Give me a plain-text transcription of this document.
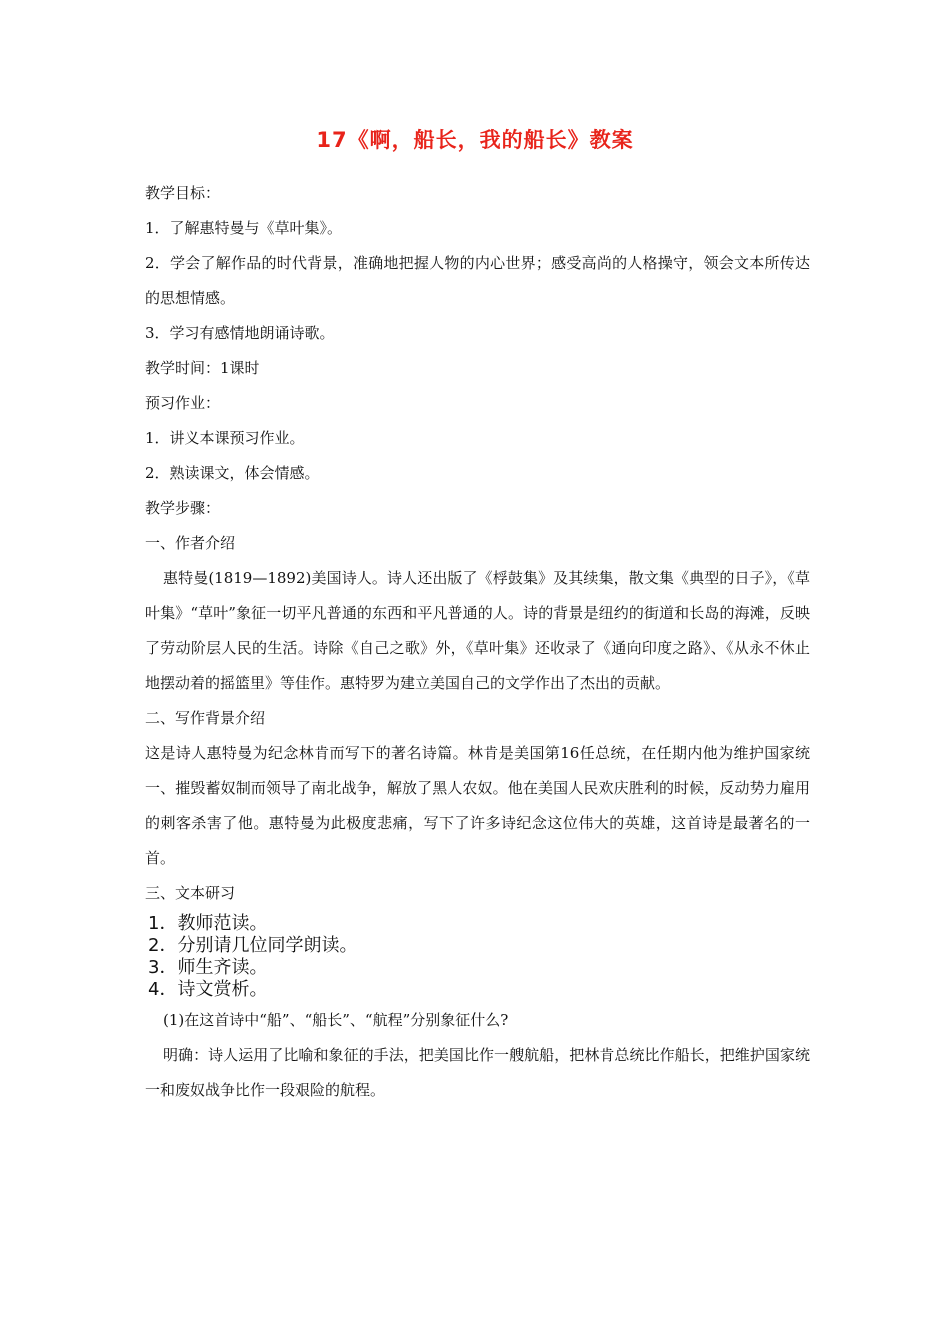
17《啊，船长，我的船长》教案
教学目标：
1．了解惠特曼与《草叶集》。
2．学会了解作品的时代背景，准确地把握人物的内心世界；感受高尚的人格操守，领会文本所传达的思想情感。
3．学习有感情地朗诵诗歌。
教学时间：1课时
预习作业：
1．讲义本课预习作业。
2．熟读课文，体会情感。
教学步骤：
一、作者介绍
惠特曼(1819—1892)美国诗人。诗人还出版了《桴鼓集》及其续集，散文集《典型的日子》，《草叶集》“草叶”象征一切平凡普通的东西和平凡普通的人。诗的背景是纽约的街道和长岛的海滩，反映了劳动阶层人民的生活。诗除《自己之歌》外，《草叶集》还收录了《通向印度之路》、《从永不休止地摆动着的摇篮里》等佳作。惠特罗为建立美国自己的文学作出了杰出的贡献。
二、写作背景介绍
这是诗人惠特曼为纪念林肯而写下的著名诗篇。林肯是美国第16任总统，在任期内他为维护国家统一、摧毁蓄奴制而领导了南北战争，解放了黑人农奴。他在美国人民欢庆胜利的时候，反动势力雇用的刺客杀害了他。惠特曼为此极度悲痛，写下了许多诗纪念这位伟大的英雄，这首诗是最著名的一首。
三、文本研习
1．教师范读。
2．分别请几位同学朗读。
3．师生齐读。
4．诗文赏析。
(1)在这首诗中“船”、“船长”、“航程”分别象征什么?
明确：诗人运用了比喻和象征的手法，把美国比作一艘航船，把林肯总统比作船长，把维护国家统一和废奴战争比作一段艰险的航程。
